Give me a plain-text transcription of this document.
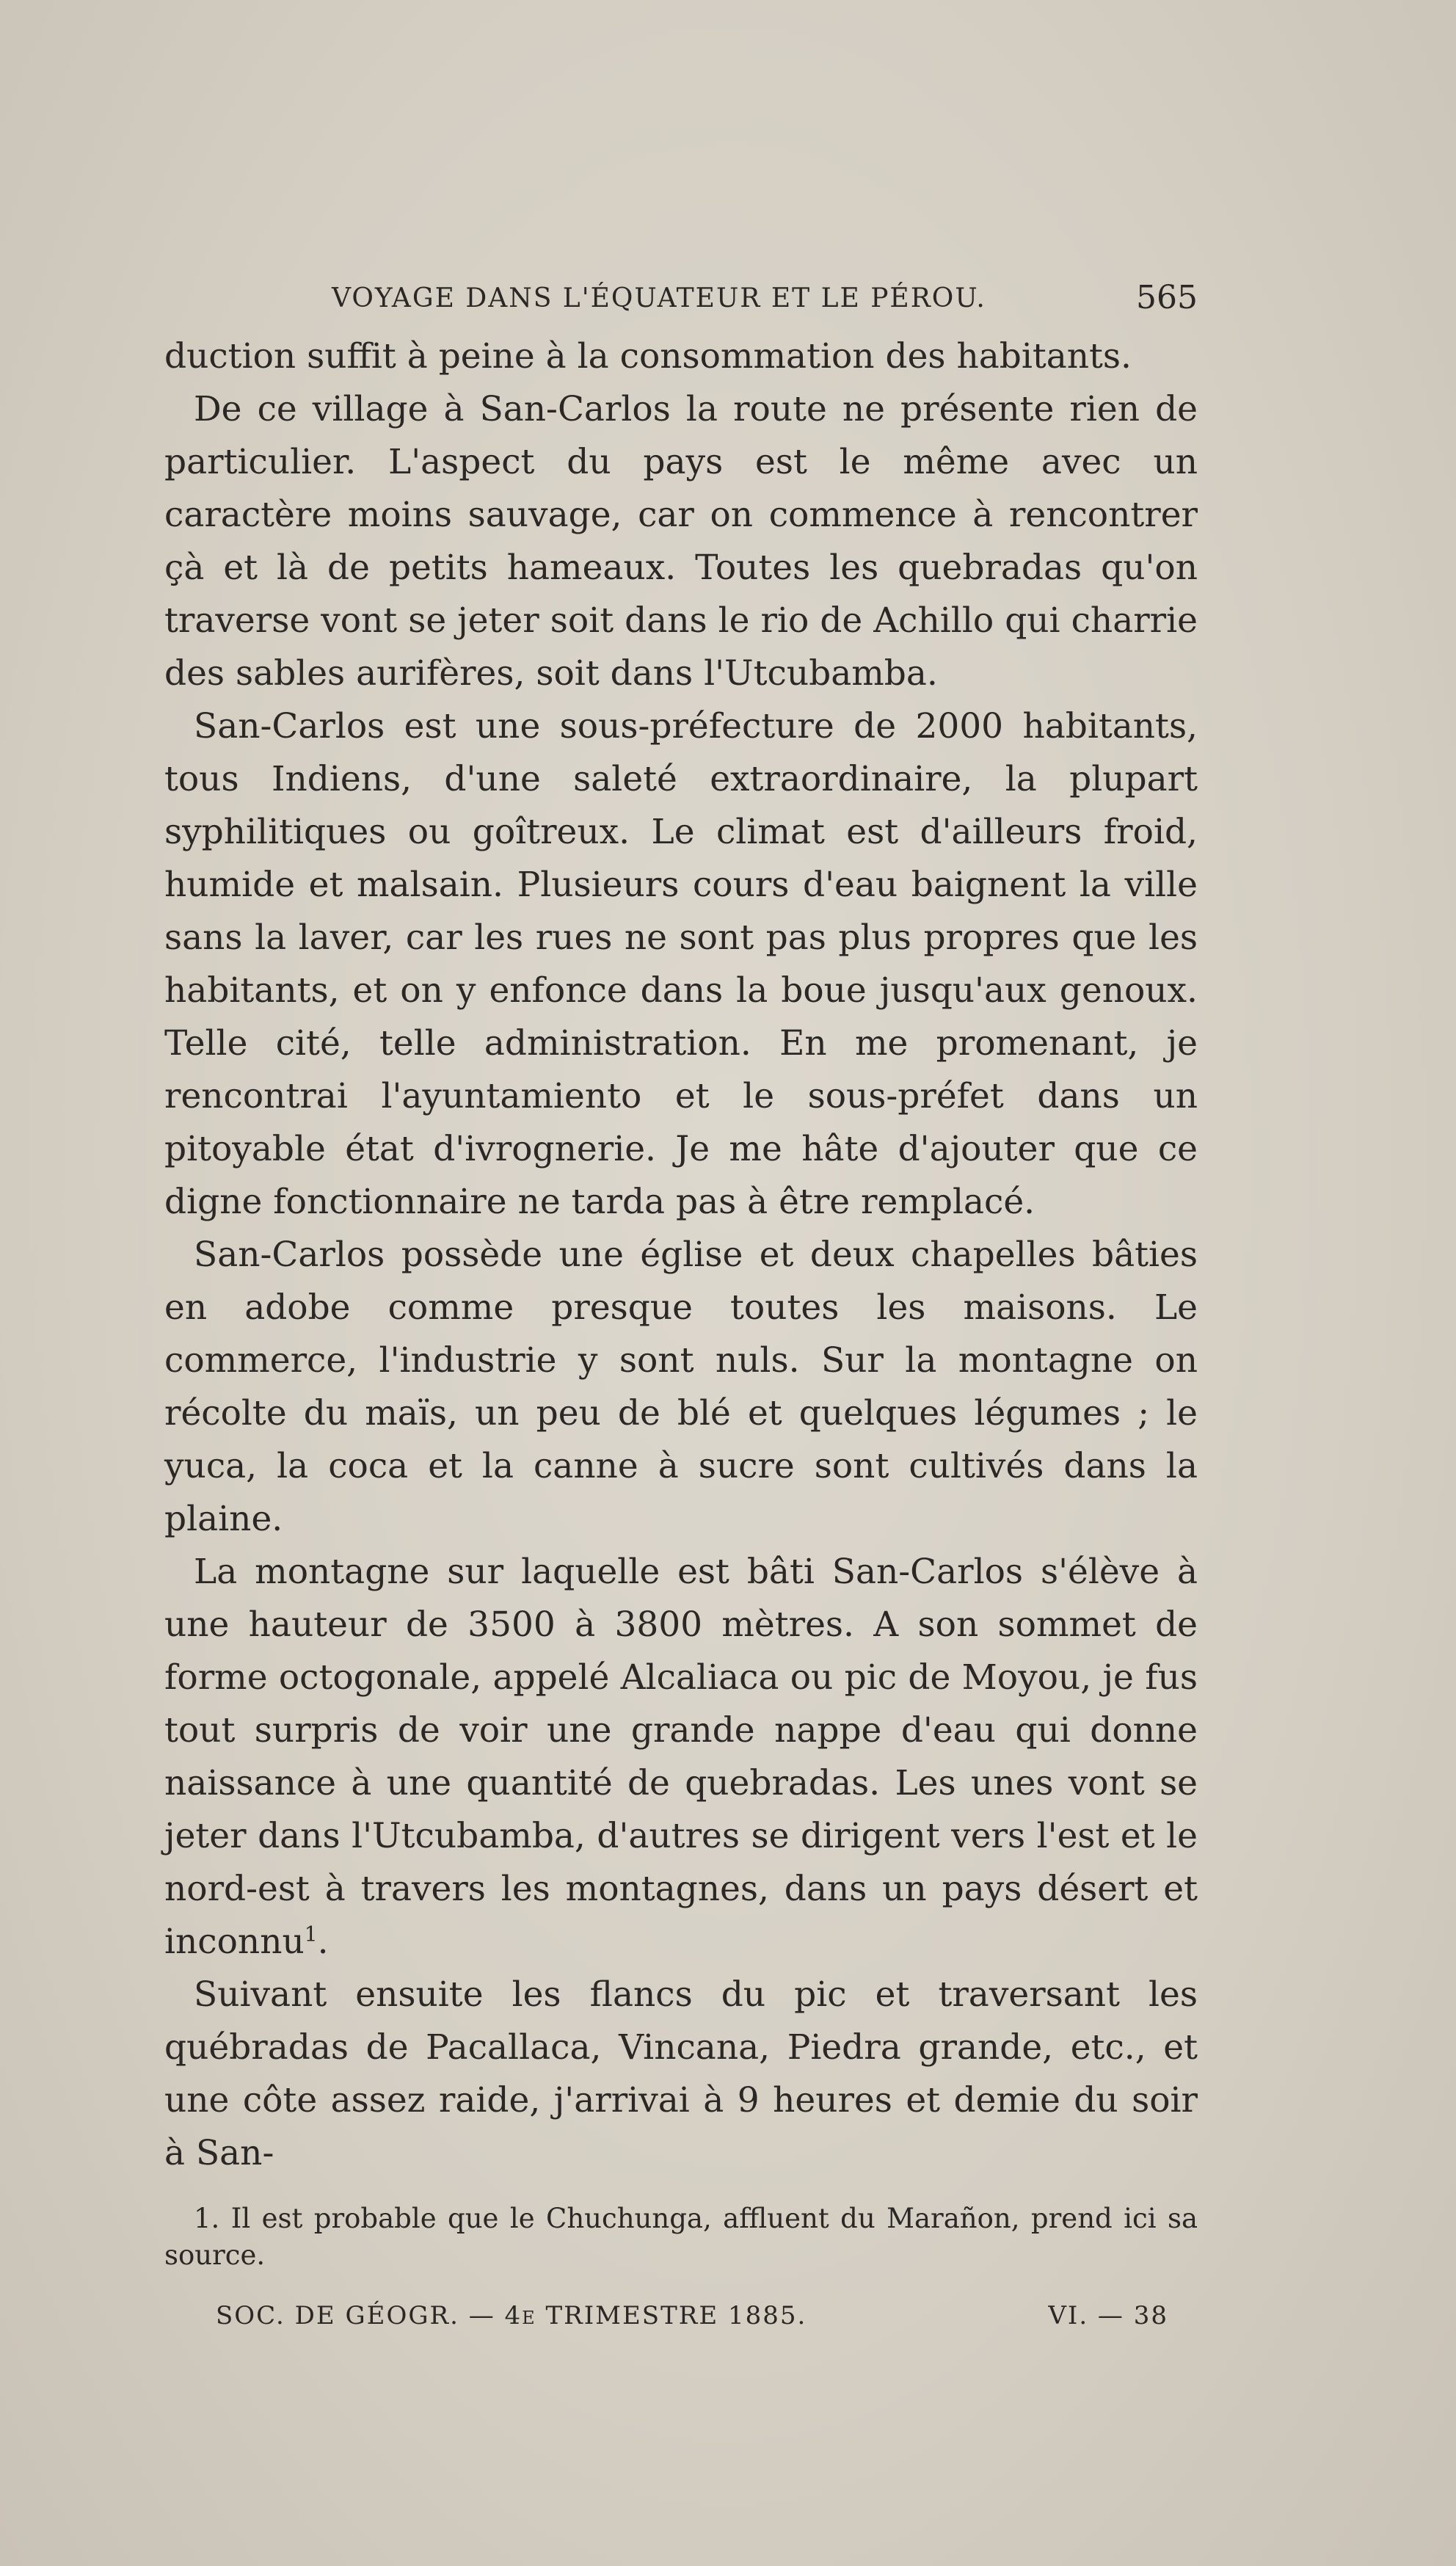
VOYAGE DANS L'ÉQUATEUR ET LE PÉROU.	565

duction suffit à peine à la consommation des habitants.

De ce village à San-Carlos la route ne présente rien de particulier. L'aspect du pays est le même avec un caractère moins sauvage, car on commence à rencontrer çà et là de petits hameaux. Toutes les quebradas qu'on traverse vont se jeter soit dans le rio de Achillo qui charrie des sables aurifères, soit dans l'Utcubamba.

San-Carlos est une sous-préfecture de 2000 habitants, tous Indiens, d'une saleté extraordinaire, la plupart syphilitiques ou goîtreux. Le climat est d'ailleurs froid, humide et malsain. Plusieurs cours d'eau baignent la ville sans la laver, car les rues ne sont pas plus propres que les habitants, et on y enfonce dans la boue jusqu'aux genoux. Telle cité, telle administration. En me promenant, je rencontrai l'ayuntamiento et le sous-préfet dans un pitoyable état d'ivrognerie. Je me hâte d'ajouter que ce digne fonctionnaire ne tarda pas à être remplacé.

San-Carlos possède une église et deux chapelles bâties en adobe comme presque toutes les maisons. Le commerce, l'industrie y sont nuls. Sur la montagne on récolte du maïs, un peu de blé et quelques légumes ; le yuca, la coca et la canne à sucre sont cultivés dans la plaine.

La montagne sur laquelle est bâti San-Carlos s'élève à une hauteur de 3500 à 3800 mètres. A son sommet de forme octogonale, appelé Alcaliaca ou pic de Moyou, je fus tout surpris de voir une grande nappe d'eau qui donne naissance à une quantité de quebradas. Les unes vont se jeter dans l'Utcubamba, d'autres se dirigent vers l'est et le nord-est à travers les montagnes, dans un pays désert et inconnu$^1$.

Suivant ensuite les flancs du pic et traversant les québradas de Pacallaca, Vincana, Piedra grande, etc., et une côte assez raide, j'arrivai à 9 heures et demie du soir à San-

1. Il est probable que le Chuchunga, affluent du Marañon, prend ici sa source.

SOC. DE GÉOGR. — 4e TRIMESTRE 1885.	VI. — 38
